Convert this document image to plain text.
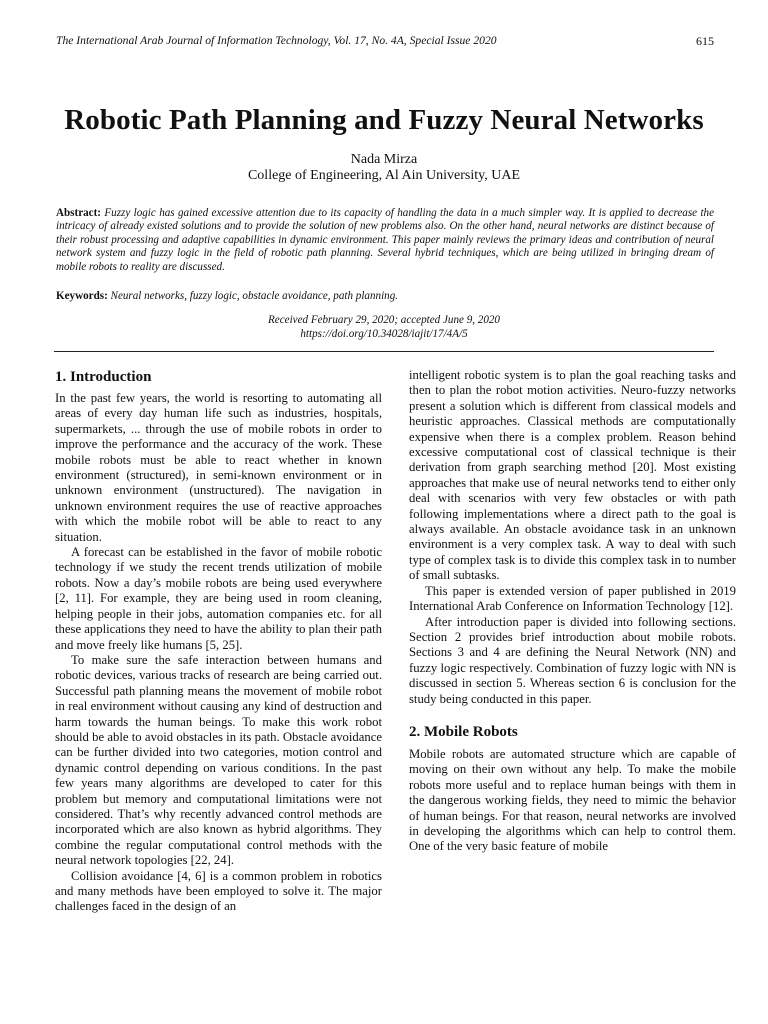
The International Arab Journal of Information Technology, Vol. 17, No. 4A, Special Issue 2020	615
Robotic Path Planning and Fuzzy Neural Networks
Nada Mirza
College of Engineering, Al Ain University, UAE
Abstract: Fuzzy logic has gained excessive attention due to its capacity of handling the data in a much simpler way. It is applied to decrease the intricacy of already existed solutions and to provide the solution of new problems also. On the other hand, neural networks are distinct because of their robust processing and adaptive capabilities in dynamic environment. This paper mainly reviews the primary ideas and contribution of neural network system and fuzzy logic in the field of robotic path planning. Several hybrid techniques, which are being utilized in bringing dream of mobile robots to reality are discussed.
Keywords: Neural networks, fuzzy logic, obstacle avoidance, path planning.
Received February 29, 2020; accepted June 9, 2020
https://doi.org/10.34028/iajit/17/4A/5
1. Introduction

In the past few years, the world is resorting to automating all areas of every day human life such as industries, hospitals, supermarkets, ... through the use of mobile robots in order to improve the performance and the accuracy of the work. These mobile robots must be able to react whether in known environment (structured), in semi-known environment or in unknown environment (unstructured). The navigation in unknown environment requires the use of reactive approaches with which the mobile robot will be able to react to any situation.

A forecast can be established in the favor of mobile robotic technology if we study the recent trends utilization of mobile robots. Now a day’s mobile robots are being used everywhere [2, 11]. For example, they are being used in room cleaning, helping people in their jobs, automation companies etc. for all these applications they need to have the ability to plan their path and move freely like humans [5, 25].

To make sure the safe interaction between humans and robotic devices, various tracks of research are being carried out. Successful path planning means the movement of mobile robot in real environment without causing any kind of destruction and harm towards the human beings. To make this work robot should be able to avoid obstacles in its path. Obstacle avoidance can be further divided into two categories, motion control and dynamic control depending on various conditions. In the past few years many algorithms are developed to cater for this problem but memory and computational limitations were not considered. That’s why recently advanced control methods are incorporated which are also known as hybrid algorithms. They combine the regular computational control methods with the neural network topologies [22, 24].

Collision avoidance [4, 6] is a common problem in robotics and many methods have been employed to solve it. The major challenges faced in the design of an

intelligent robotic system is to plan the goal reaching tasks and then to plan the robot motion activities. Neuro-fuzzy networks present a solution which is different from classical models and heuristic approaches. Classical methods are computationally expensive when there is a complex problem. Reason behind excessive computational cost of classical technique is their derivation from graph searching method [20]. Most existing approaches that make use of neural networks tend to either only deal with scenarios with very few obstacles or with path following implementations where a direct path to the goal is always available. An obstacle avoidance task in an unknown environment is a very complex task. A way to deal with such type of complex task is to divide this complex task in to number of small subtasks.

This paper is extended version of paper published in 2019 International Arab Conference on Information Technology [12].

After introduction paper is divided into following sections. Section 2 provides brief introduction about mobile robots. Sections 3 and 4 are defining the Neural Network (NN) and fuzzy logic respectively. Combination of fuzzy logic with NN is discussed in section 5. Whereas section 6 is conclusion for the study being conducted in this paper.

2. Mobile Robots

Mobile robots are automated structure which are capable of moving on their own without any help. To make the mobile robots more useful and to replace human beings with them in the dangerous working fields, they need to mimic the behavior of human beings. For that reason, neural networks are involved in developing the algorithms which can help to control them. One of the very basic feature of mobile
